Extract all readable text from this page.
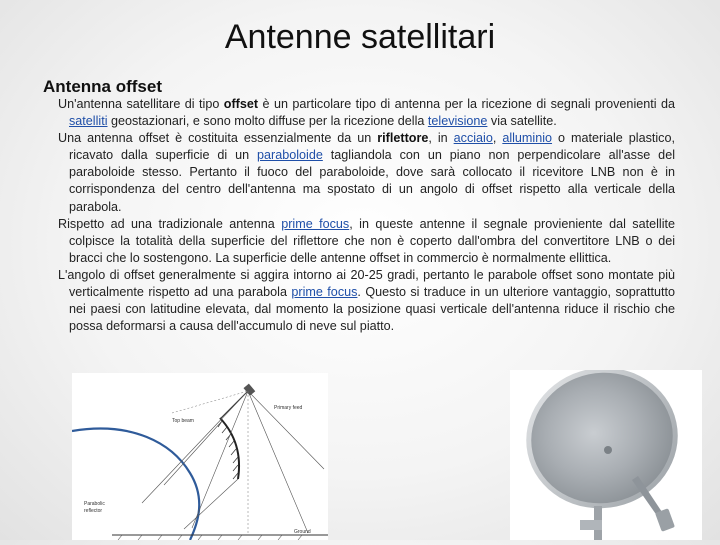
Antenne satellitari
Antenna offset

Un'antenna satellitare di tipo offset è un particolare tipo di antenna per la ricezione di segnali provenienti da satelliti geostazionari, e sono molto diffuse per la ricezione della televisione via satellite.

Una antenna offset è costituita essenzialmente da un riflettore, in acciaio, alluminio o materiale plastico, ricavato dalla superficie di un paraboloide tagliandola con un piano non perpendicolare all'asse del paraboloide stesso. Pertanto il fuoco del paraboloide, dove sarà collocato il ricevitore LNB non è in corrispondenza del centro dell'antenna ma spostato di un angolo di offset rispetto alla verticale della parabola.

Rispetto ad una tradizionale antenna prime focus, in queste antenne il segnale provieniente dal satellite colpisce la totalità della superficie del riflettore che non è coperto dall'ombra del convertitore LNB o dei bracci che lo sostengono. La superficie delle antenne offset in commercio è normalmente ellittica.

L'angolo di offset generalmente si aggira intorno ai 20-25 gradi, pertanto le parabole offset sono montate più verticalmente rispetto ad una parabola prime focus. Questo si traduce in un ulteriore vantaggio, soprattutto nei paesi con latitudine elevata, dal momento la posizione quasi verticale dell'antenna riduce il rischio che possa deformarsi a causa dell'accumulo di neve sul piatto.

Primary feed
Top beam
Parabolic
reflector
Ground
